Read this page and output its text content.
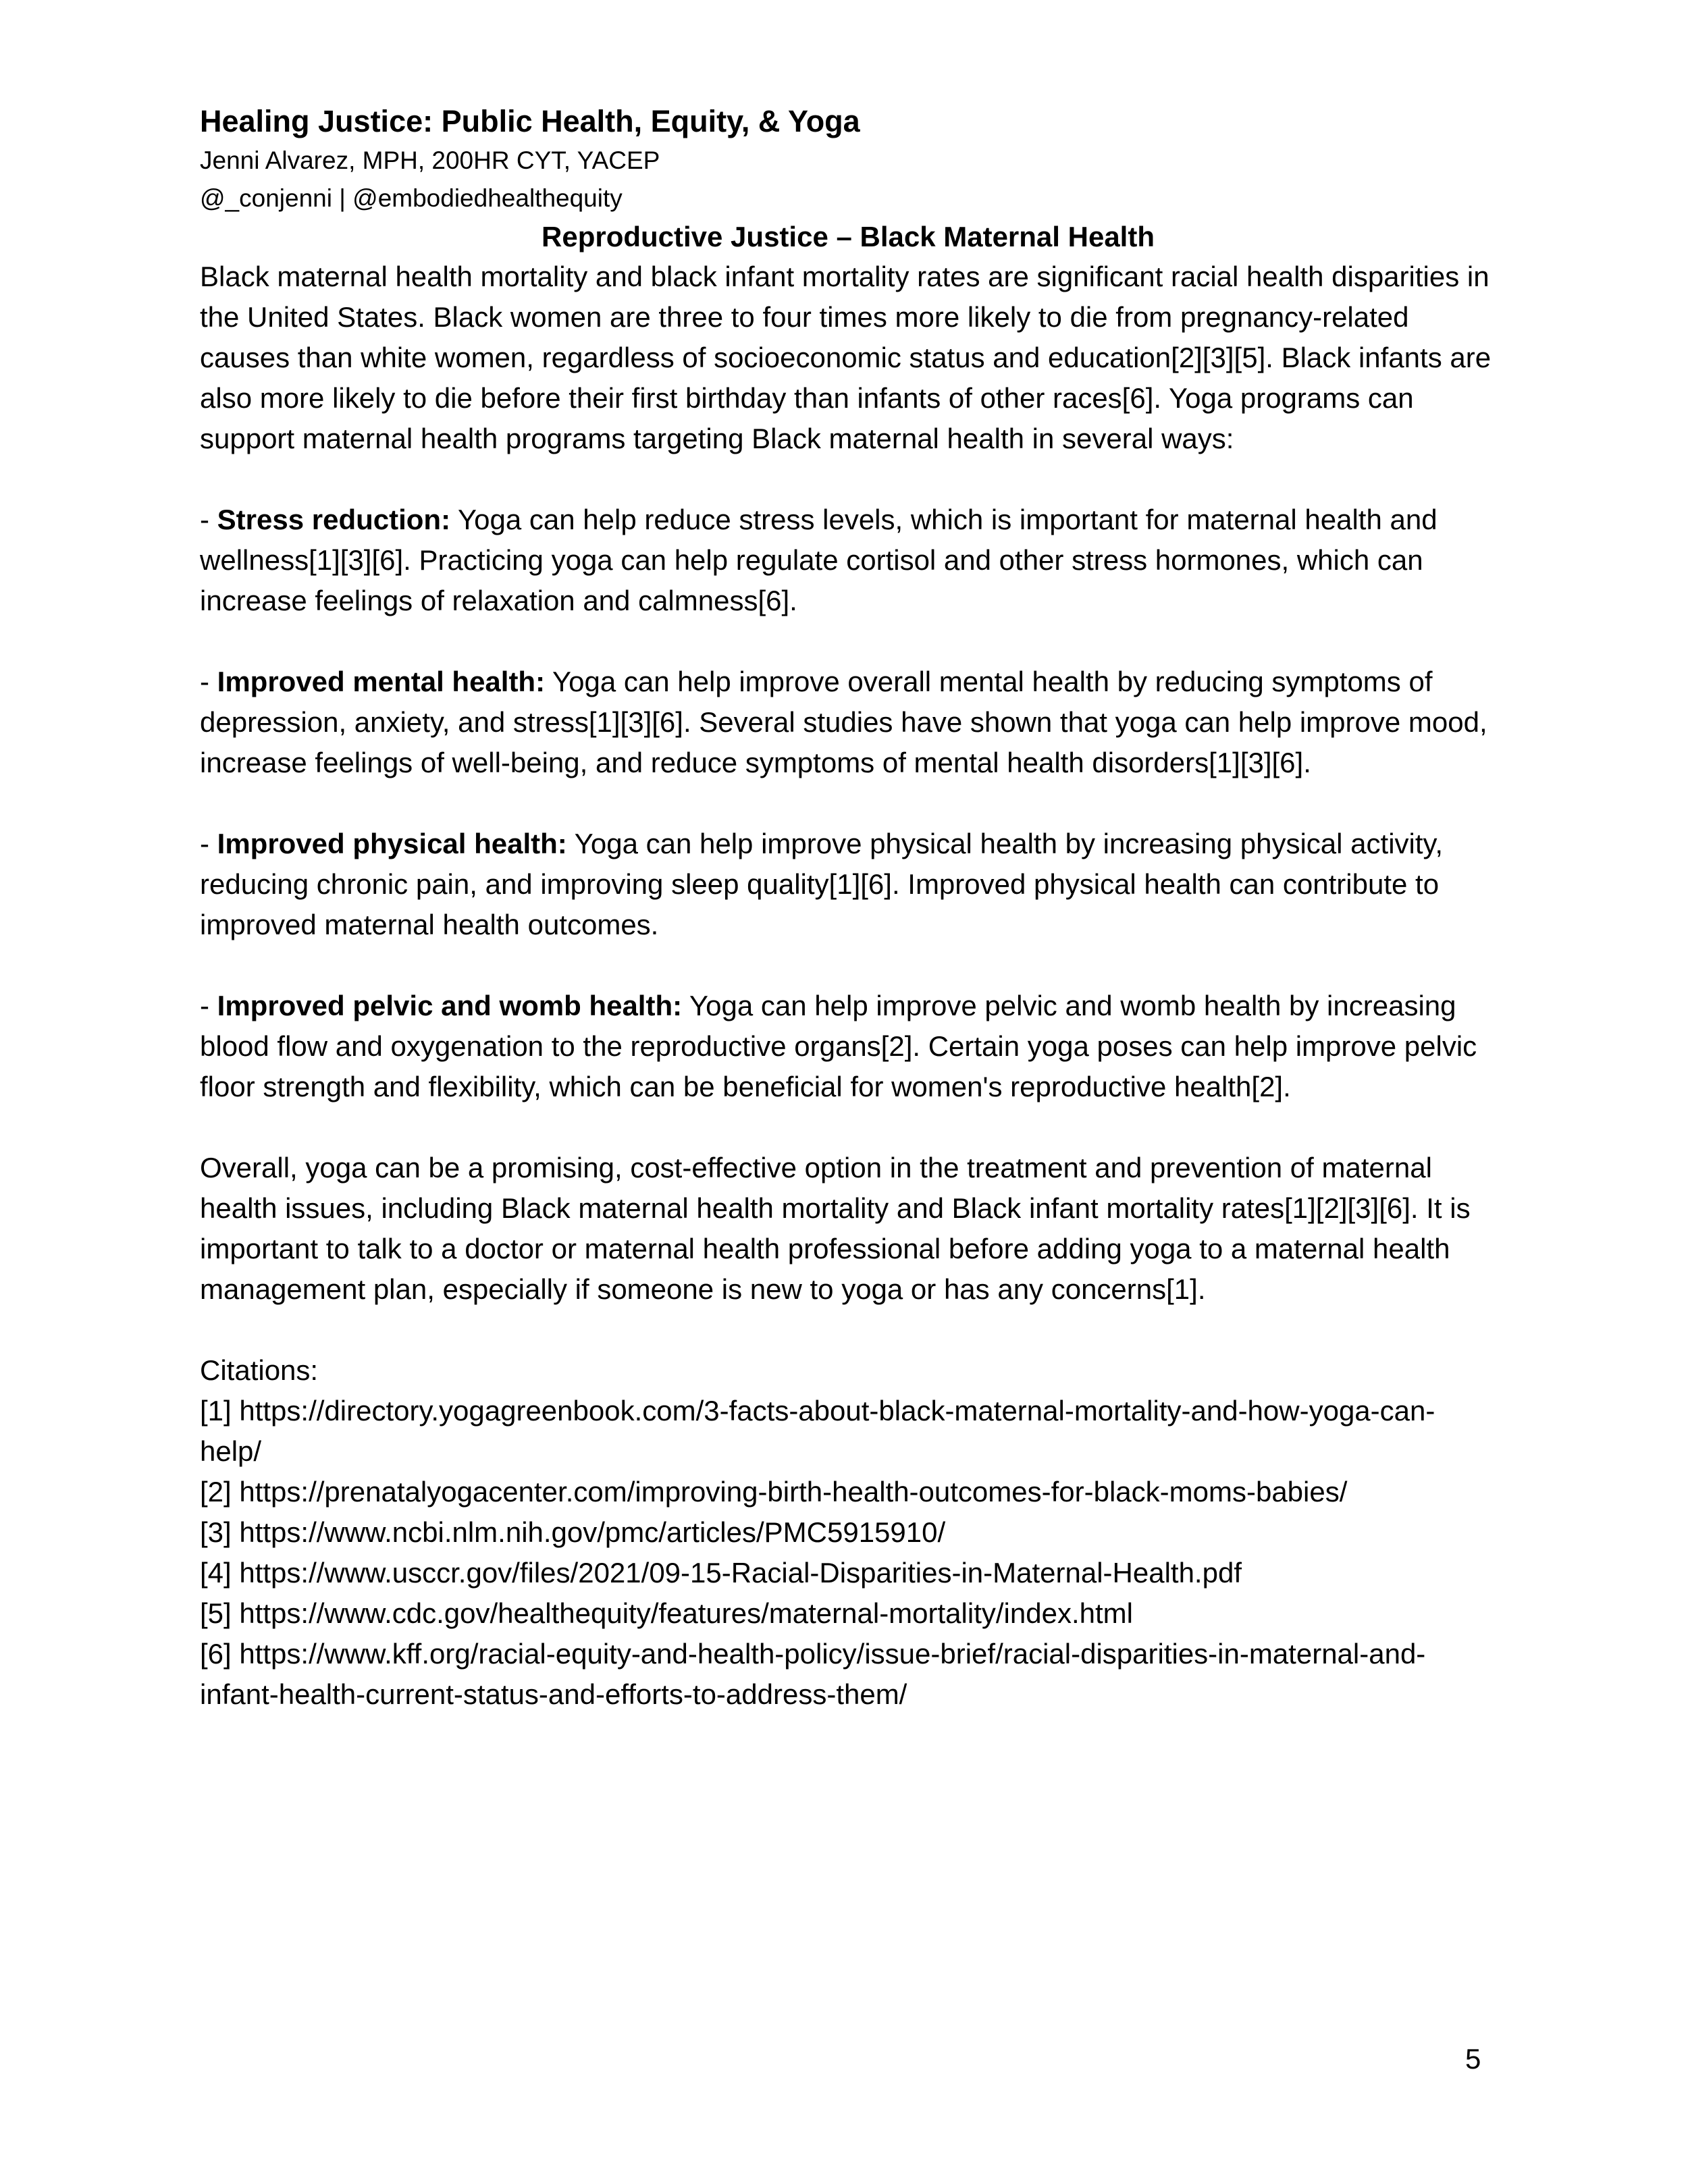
Healing Justice: Public Health, Equity, & Yoga

Jenni Alvarez, MPH, 200HR CYT, YACEP

@_conjenni | @embodiedhealthequity

Reproductive Justice – Black Maternal Health

Black maternal health mortality and black infant mortality rates are significant racial health disparities in the United States. Black women are three to four times more likely to die from pregnancy-related causes than white women, regardless of socioeconomic status and education[2][3][5]. Black infants are also more likely to die before their first birthday than infants of other races[6]. Yoga programs can support maternal health programs targeting Black maternal health in several ways:

- Stress reduction: Yoga can help reduce stress levels, which is important for maternal health and wellness[1][3][6]. Practicing yoga can help regulate cortisol and other stress hormones, which can increase feelings of relaxation and calmness[6].

- Improved mental health: Yoga can help improve overall mental health by reducing symptoms of depression, anxiety, and stress[1][3][6]. Several studies have shown that yoga can help improve mood, increase feelings of well-being, and reduce symptoms of mental health disorders[1][3][6].

- Improved physical health: Yoga can help improve physical health by increasing physical activity, reducing chronic pain, and improving sleep quality[1][6]. Improved physical health can contribute to improved maternal health outcomes.

- Improved pelvic and womb health: Yoga can help improve pelvic and womb health by increasing blood flow and oxygenation to the reproductive organs[2]. Certain yoga poses can help improve pelvic floor strength and flexibility, which can be beneficial for women's reproductive health[2].

Overall, yoga can be a promising, cost-effective option in the treatment and prevention of maternal health issues, including Black maternal health mortality and Black infant mortality rates[1][2][3][6]. It is important to talk to a doctor or maternal health professional before adding yoga to a maternal health management plan, especially if someone is new to yoga or has any concerns[1].

Citations:

[1] https://directory.yogagreenbook.com/3-facts-about-black-maternal-mortality-and-how-yoga-can-help/

[2] https://prenatalyogacenter.com/improving-birth-health-outcomes-for-black-moms-babies/

[3] https://www.ncbi.nlm.nih.gov/pmc/articles/PMC5915910/

[4] https://www.usccr.gov/files/2021/09-15-Racial-Disparities-in-Maternal-Health.pdf

[5] https://www.cdc.gov/healthequity/features/maternal-mortality/index.html

[6] https://www.kff.org/racial-equity-and-health-policy/issue-brief/racial-disparities-in-maternal-and-infant-health-current-status-and-efforts-to-address-them/

5
